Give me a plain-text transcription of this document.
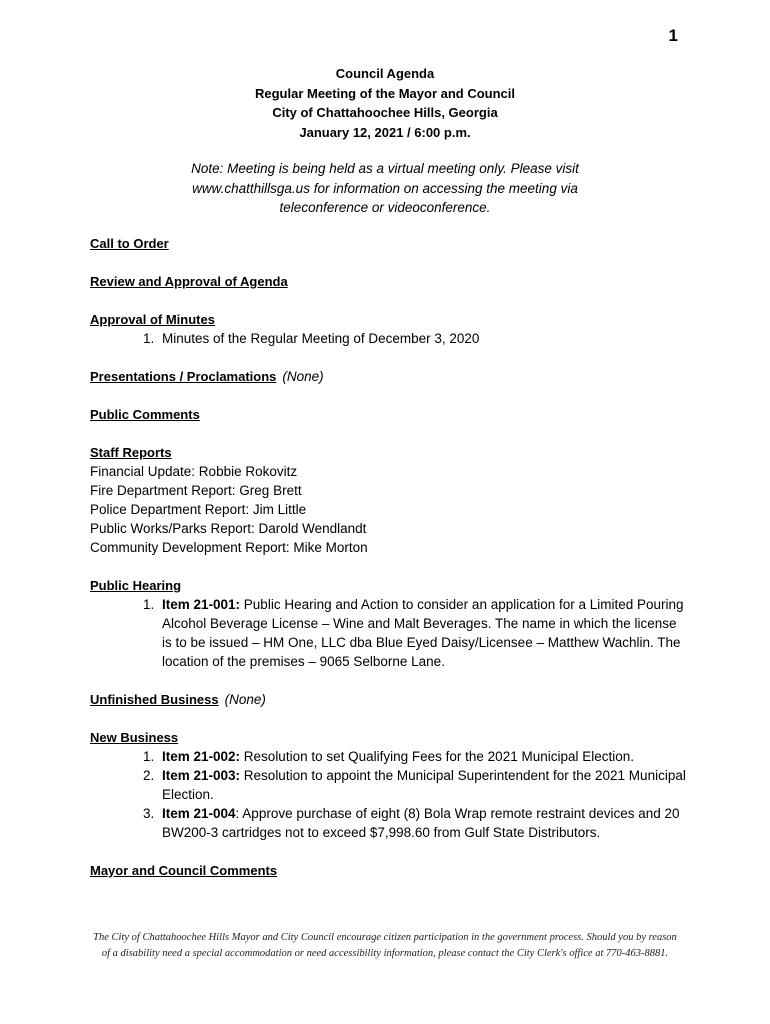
1
Council Agenda
Regular Meeting of the Mayor and Council
City of Chattahoochee Hills, Georgia
January 12, 2021 / 6:00 p.m.
Note: Meeting is being held as a virtual meeting only. Please visit www.chatthillsga.us for information on accessing the meeting via teleconference or videoconference.
Call to Order
Review and Approval of Agenda
Approval of Minutes
1. Minutes of the Regular Meeting of December 3, 2020
Presentations / Proclamations (None)
Public Comments
Staff Reports
Financial Update: Robbie Rokovitz
Fire Department Report: Greg Brett
Police Department Report: Jim Little
Public Works/Parks Report: Darold Wendlandt
Community Development Report: Mike Morton
Public Hearing
1. Item 21-001: Public Hearing and Action to consider an application for a Limited Pouring Alcohol Beverage License – Wine and Malt Beverages. The name in which the license is to be issued – HM One, LLC dba Blue Eyed Daisy/Licensee – Matthew Wachlin. The location of the premises – 9065 Selborne Lane.
Unfinished Business (None)
New Business
1. Item 21-002: Resolution to set Qualifying Fees for the 2021 Municipal Election.
2. Item 21-003: Resolution to appoint the Municipal Superintendent for the 2021 Municipal Election.
3. Item 21-004: Approve purchase of eight (8) Bola Wrap remote restraint devices and 20 BW200-3 cartridges not to exceed $7,998.60 from Gulf State Distributors.
Mayor and Council Comments
The City of Chattahoochee Hills Mayor and City Council encourage citizen participation in the government process. Should you by reason of a disability need a special accommodation or need accessibility information, please contact the City Clerk's office at 770-463-8881.
